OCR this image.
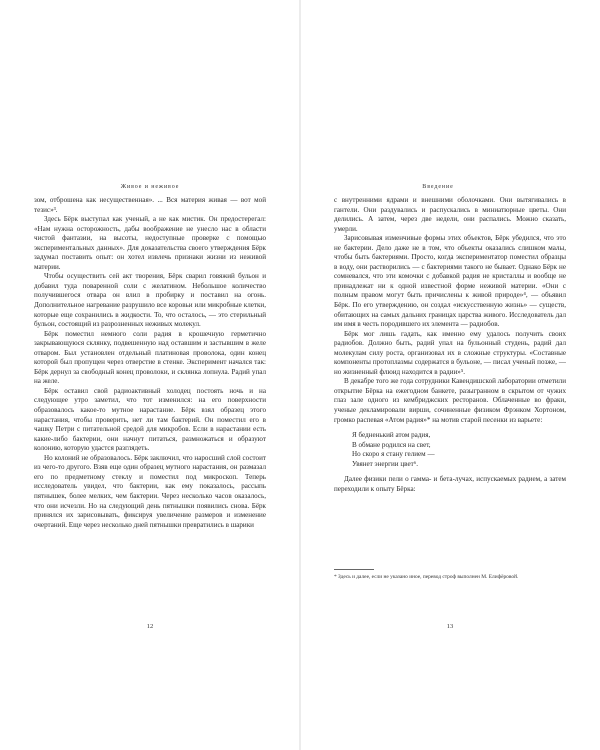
Живое и неживое

зом, отброшена как несущественная». ... Вся материя живая — вот мой тезис»³.

Здесь Бёрк выступал как ученый, а не как мистик. Он предостерегал: «Нам нужна осторожность, дабы воображение не унесло нас в области чистой фантазии, на высоты, недоступные проверке с помощью экспериментальных данных». Для доказательства своего утверждения Бёрк задумал поставить опыт: он хотел извлечь признаки жизни из неживой материи.

Чтобы осуществить сей акт творения, Бёрк сварил говяжий бульон и добавил туда поваренной соли с желатином. Небольшое количество получившегося отвара он влил в пробирку и поставил на огонь. Дополнительное нагревание разрушило все коровьи или микробные клетки, которые еще сохранились в жидкости. То, что осталось, — это стерильный бульон, состоящий из разрозненных неживых молекул.

Бёрк поместил немного соли радия в крошечную герметично закрывающуюся склянку, подвешенную над оставшим и застывшим в желе отваром. Был установлен отдельный платиновая проволока, один конец которой был пропущен через отверстие в стенке. Эксперимент начался так: Бёрк дернул за свободный конец проволоки, и склянка лопнула. Радий упал на желе.

Бёрк оставил свой радиоактивный холодец постоять ночь и на следующее утро заметил, что тот изменился: на его поверхности образовалось какое-то мутное нарастание. Бёрк взял образец этого нарастания, чтобы проверить, нет ли там бактерий. Он поместил его в чашку Петри с питательной средой для микробов. Если в нарастании есть какие-либо бактерии, они начнут питаться, размножаться и образуют колонию, которую удастся разглядеть.

Но колоний не образовалось. Бёрк заключил, что наросший слой состоит из чего-то другого. Взяв еще один образец мутного нарастания, он размазал его по предметному стеклу и поместил под микроскоп. Теперь исследователь увидел, что бактерии, как ему показалось, рассыпь пятнышек, более мелких, чем бактерии. Через несколько часов оказалось, что они исчезли. Но на следующий день пятнышки появились снова. Бёрк принялся их зарисовывать, фиксируя увеличение размеров и изменение очертаний. Еще через несколько дней пятнышки превратились в шарики

12
Введение

с внутренними ядрами и внешними оболочками. Они вытягивались в гантели. Они раздувались и распускались в миниатюрные цветы. Они делились. А затем, через две недели, они распались. Можно сказать, умерли.

Зарисовывая изменчивые формы этих объектов, Бёрк убедился, что это не бактерии. Дело даже не в том, что объекты оказались слишком малы, чтобы быть бактериями. Просто, когда экспериментатор поместил образцы в воду, они растворились — с бактериями такого не бывает. Однако Бёрк не сомневался, что эти комочки с добавкой радия не кристаллы и вообще не принадлежат ни к одной известной форме неживой материи. «Они с полным правом могут быть причислены к живой природе»⁴, — объявил Бёрк. По его утверждению, он создал «искусственную жизнь» — существ, обитающих на самых дальних границах царства живого. Исследователь дал им имя в честь породившего их элемента — радиобов.

Бёрк мог лишь гадать, как именно ему удалось получить своих радиобов. Должно быть, радий упал на бульонный студень, радий дал молекулам силу роста, организовал их в сложные структуры. «Составные компоненты протоплазмы содержатся в бульоне, — писал ученый позже, — но жизненный флюид находится в радии»⁵.

В декабре того же года сотрудники Кавендишской лаборатории отметили открытие Бёрка на ежегодном банкете, разыгранном в скрытом от чужих глаз зале одного из кембриджских ресторанов. Облаченные во фраки, ученые декламировали вирши, сочиненные физиком Фрэнком Хортоном, громко распевая «Атом радия»* на мотив старой песенки из варьете:

Я бедненький атом радия,
В обмане родился на свет,
Но скоро я стану гелием —
Увянет энергии цвет⁶.

Далее физики пели о гамма- и бета-лучах, испускаемых радием, а затем переходили к опыту Бёрка:

* Здесь и далее, если не указано иное, перевод строф выполнен М. Елифёровой.
13
